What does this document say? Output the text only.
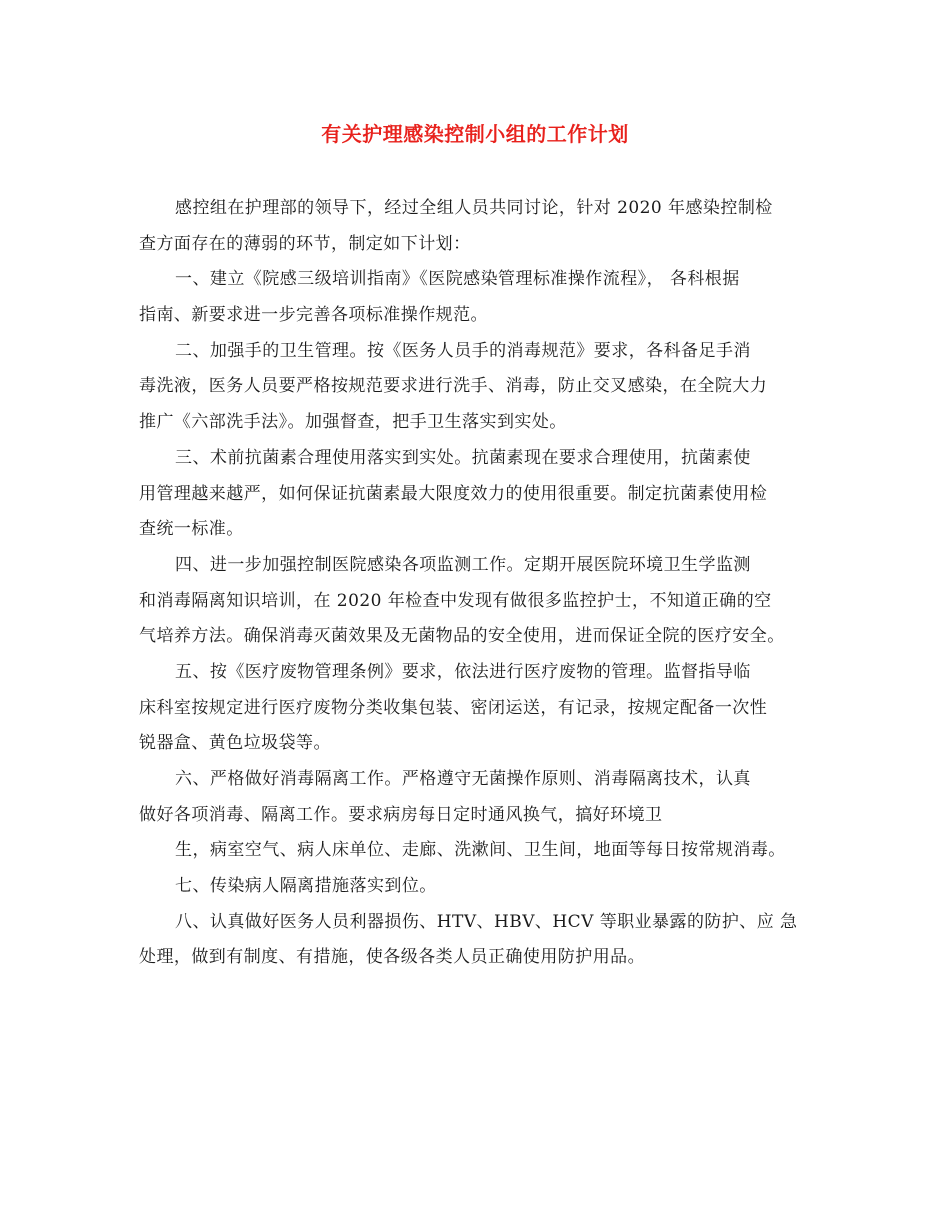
有关护理感染控制小组的工作计划
感控组在护理部的领导下，经过全组人员共同讨论，针对 2020 年感染控制检
查方面存在的薄弱的环节，制定如下计划：
一、建立《院感三级培训指南》《医院感染管理标准操作流程》， 各科根据
指南、新要求进一步完善各项标准操作规范。
二、加强手的卫生管理。按《医务人员手的消毒规范》要求，各科备足手消
毒洗液，医务人员要严格按规范要求进行洗手、消毒，防止交叉感染，在全院大力
推广《六部洗手法》。加强督查，把手卫生落实到实处。
三、术前抗菌素合理使用落实到实处。抗菌素现在要求合理使用，抗菌素使
用管理越来越严，如何保证抗菌素最大限度效力的使用很重要。制定抗菌素使用检
查统一标准。
四、进一步加强控制医院感染各项监测工作。定期开展医院环境卫生学监测
和消毒隔离知识培训，在 2020 年检查中发现有做很多监控护士，不知道正确的空
气培养方法。确保消毒灭菌效果及无菌物品的安全使用，进而保证全院的医疗安全。
五、按《医疗废物管理条例》要求，依法进行医疗废物的管理。监督指导临
床科室按规定进行医疗废物分类收集包装、密闭运送，有记录，按规定配备一次性
锐器盒、黄色垃圾袋等。
六、严格做好消毒隔离工作。严格遵守无菌操作原则、消毒隔离技术，认真
做好各项消毒、隔离工作。要求病房每日定时通风换气，搞好环境卫
生，病室空气、病人床单位、走廊、洗漱间、卫生间，地面等每日按常规消毒。
七、传染病人隔离措施落实到位。
八、认真做好医务人员利器损伤、HTV、HBV、HCV 等职业暴露的防护、应 急
处理，做到有制度、有措施，使各级各类人员正确使用防护用品。
